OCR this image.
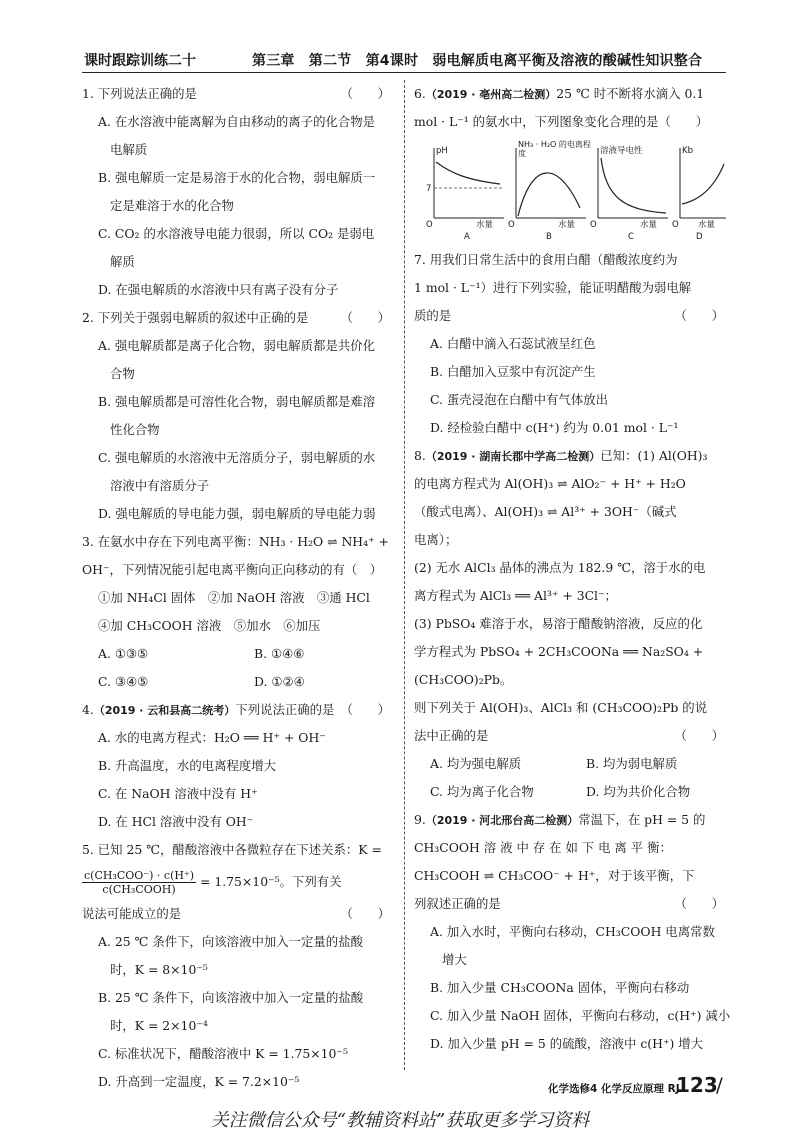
课时跟踪训练二十	第三章　第二节　第4课时　弱电解质电离平衡及溶液的酸碱性知识整合
1. 下列说法正确的是	（　　）
A. 在水溶液中能离解为自由移动的离子的化合物是
电解质
B. 强电解质一定是易溶于水的化合物，弱电解质一
定是难溶于水的化合物
C. CO₂ 的水溶液导电能力很弱，所以 CO₂ 是弱电
解质
D. 在强电解质的水溶液中只有离子没有分子
2. 下列关于强弱电解质的叙述中正确的是	（　　）
A. 强电解质都是离子化合物，弱电解质都是共价化
合物
B. 强电解质都是可溶性化合物，弱电解质都是难溶
性化合物
C. 强电解质的水溶液中无溶质分子，弱电解质的水
溶液中有溶质分子
D. 强电解质的导电能力强，弱电解质的导电能力弱
3. 在氨水中存在下列电离平衡：NH₃ · H₂O ⇌ NH₄⁺ +
OH⁻，下列情况能引起电离平衡向正向移动的有（　）
①加 NH₄Cl 固体　②加 NaOH 溶液　③通 HCl
④加 CH₃COOH 溶液　⑤加水　⑥加压
A. ①③⑤	B. ①④⑥
C. ③④⑤	D. ①②④
4.（2019 · 云和县高二统考）下列说法正确的是 （　　）
A. 水的电离方程式：H₂O ══ H⁺ + OH⁻
B. 升高温度，水的电离程度增大
C. 在 NaOH 溶液中没有 H⁺
D. 在 HCl 溶液中没有 OH⁻
5. 已知 25 ℃，醋酸溶液中各微粒存在下述关系：K =
$\frac{\text{c(CH₃COO⁻) · c(H⁺)}}{\text{c(CH₃COOH)}} = 1.75\times 10^{-5}$。下列有关
说法可能成立的是	（　　）
A. 25 ℃ 条件下，向该溶液中加入一定量的盐酸
时，K = 8×10⁻⁵
B. 25 ℃ 条件下，向该溶液中加入一定量的盐酸
时，K = 2×10⁻⁴
C. 标准状况下，醋酸溶液中 K = 1.75×10⁻⁵
D. 升高到一定温度，K = 7.2×10⁻⁵
6.（2019 · 亳州高二检测）25 ℃ 时不断将水滴入 0.1
mol · L⁻¹ 的氨水中，下列图象变化合理的是（　　）
pH
7
O	水量
A
NH₃ · H₂O 的电离程度
O	水量
B
溶液导电性
O	水量
C
Kb
O 水量
D
7. 用我们日常生活中的食用白醋（醋酸浓度约为
1 mol · L⁻¹）进行下列实验，能证明醋酸为弱电解
质的是	（　　）
A. 白醋中滴入石蕊试液呈红色
B. 白醋加入豆浆中有沉淀产生
C. 蛋壳浸泡在白醋中有气体放出
D. 经检验白醋中 c(H⁺) 约为 0.01 mol · L⁻¹
8.（2019 · 湖南长郡中学高二检测）已知：(1) Al(OH)₃
的电离方程式为 Al(OH)₃ ⇌ AlO₂⁻ + H⁺ + H₂O
（酸式电离）、Al(OH)₃ ⇌ Al³⁺ + 3OH⁻（碱式
电离）；
(2) 无水 AlCl₃ 晶体的沸点为 182.9 ℃，溶于水的电
离方程式为 AlCl₃ ══ Al³⁺ + 3Cl⁻；
(3) PbSO₄ 难溶于水，易溶于醋酸钠溶液，反应的化
学方程式为 PbSO₄ + 2CH₃COONa ══ Na₂SO₄ +
(CH₃COO)₂Pb。
则下列关于 Al(OH)₃、AlCl₃ 和 (CH₃COO)₂Pb 的说
法中正确的是	（　　）
A. 均为强电解质	B. 均为弱电解质
C. 均为离子化合物	D. 均为共价化合物
9.（2019 · 河北邢台高二检测）常温下，在 pH = 5 的
CH₃COOH 溶 液 中 存 在 如 下 电 离 平 衡：
CH₃COOH ⇌ CH₃COO⁻ + H⁺，对于该平衡，下
列叙述正确的是	（　　）
A. 加入水时，平衡向右移动，CH₃COOH 电离常数
增大
B. 加入少量 CH₃COONa 固体，平衡向右移动
C. 加入少量 NaOH 固体，平衡向右移动，c(H⁺) 减小
D. 加入少量 pH = 5 的硫酸，溶液中 c(H⁺) 增大
化学选修4 化学反应原理 RJ
123
/
关注微信公众号“教辅资料站”获取更多学习资料
